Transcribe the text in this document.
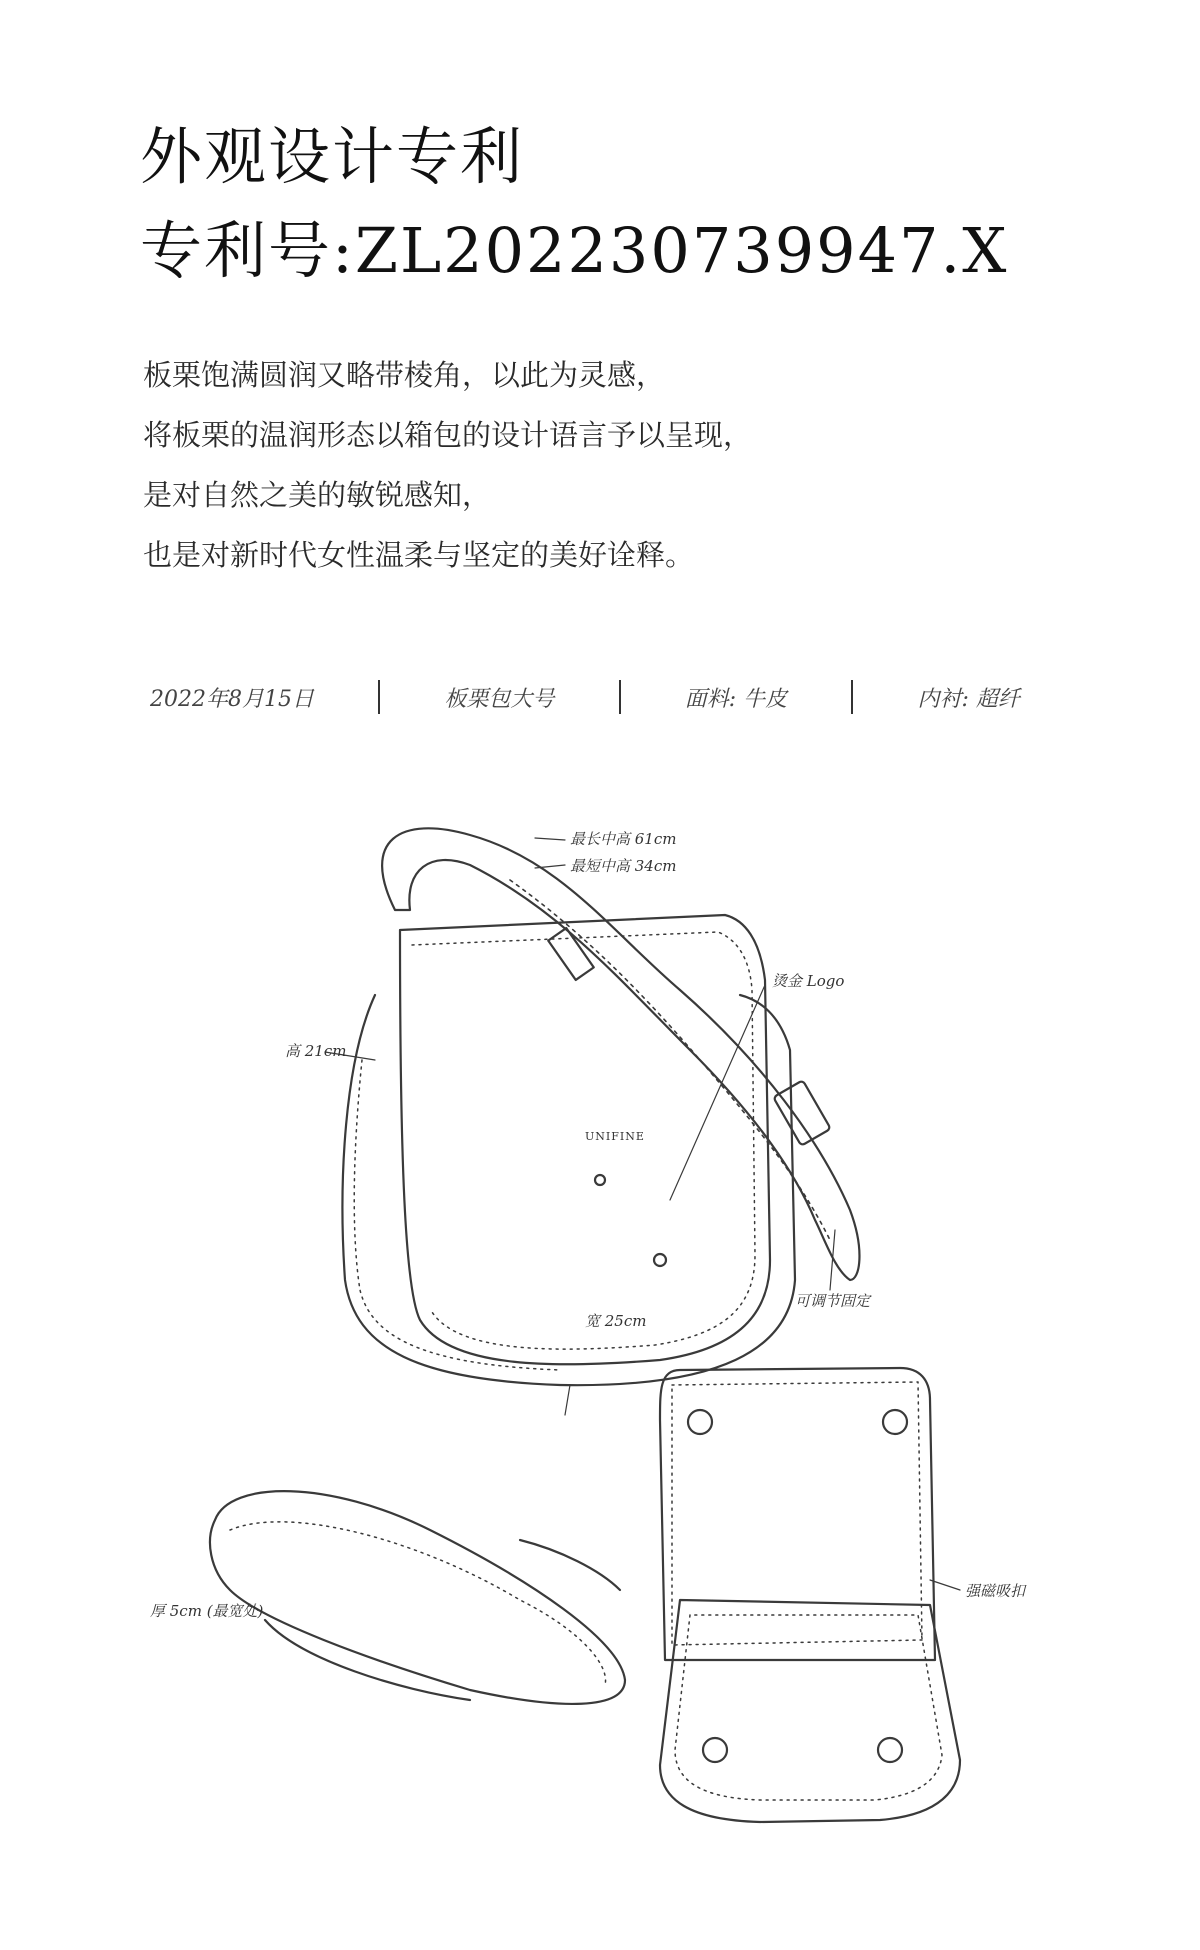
外观设计专利
专利号:ZL202230739947.X

板栗饱满圆润又略带棱角，以此为灵感，
将板栗的温润形态以箱包的设计语言予以呈现，
是对自然之美的敏锐感知，
也是对新时代女性温柔与坚定的美好诠释。

2022年8月15日	板栗包大号	面料: 牛皮	内衬: 超纤
最长中高 61cm
最短中高 34cm
烫金 Logo
高 21cm
宽 25cm
可调节固定
厚 5cm (最宽处)
强磁吸扣
UNIFINE
